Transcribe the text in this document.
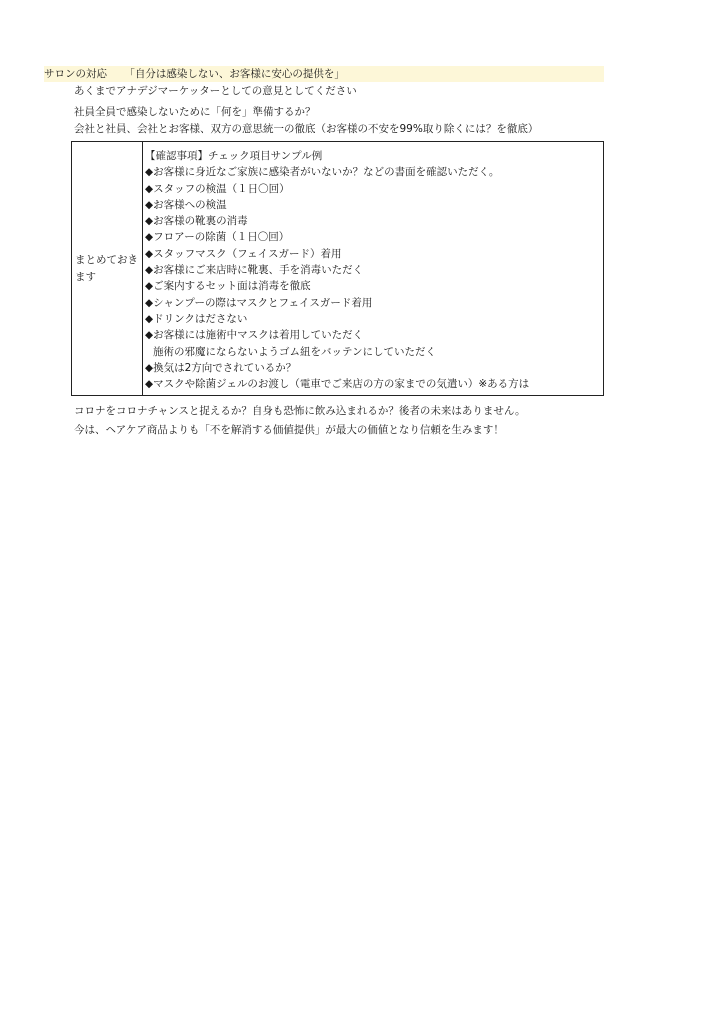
サロンの対応 「自分は感染しない、お客様に安心の提供を」
あくまでアナデジマーケッターとしての意見としてください
社員全員で感染しないために「何を」準備するか？
会社と社員、会社とお客様、双方の意思統一の徹底（お客様の不安を99%取り除くには？を徹底）
まとめておきます
【確認事項】チェック項目サンプル例
◆お客様に身近なご家族に感染者がいないか？などの書面を確認いただく。
◆スタッフの検温（１日〇回）
◆お客様への検温
◆お客様の靴裏の消毒
◆フロアーの除菌（１日〇回）
◆スタッフマスク（フェイスガード）着用
◆お客様にご来店時に靴裏、手を消毒いただく
◆ご案内するセット面は消毒を徹底
◆シャンプーの際はマスクとフェイスガード着用
◆ドリンクはださない
◆お客様には施術中マスクは着用していただく
施術の邪魔にならないようゴム紐をバッテンにしていただく
◆換気は2方向でされているか？
◆マスクや除菌ジェルのお渡し（電車でご来店の方の家までの気遣い）※ある方は
コロナをコロナチャンスと捉えるか？自身も恐怖に飲み込まれるか？後者の未来はありません。
今は、ヘアケア商品よりも「不を解消する価値提供」が最大の価値となり信頼を生みます！
